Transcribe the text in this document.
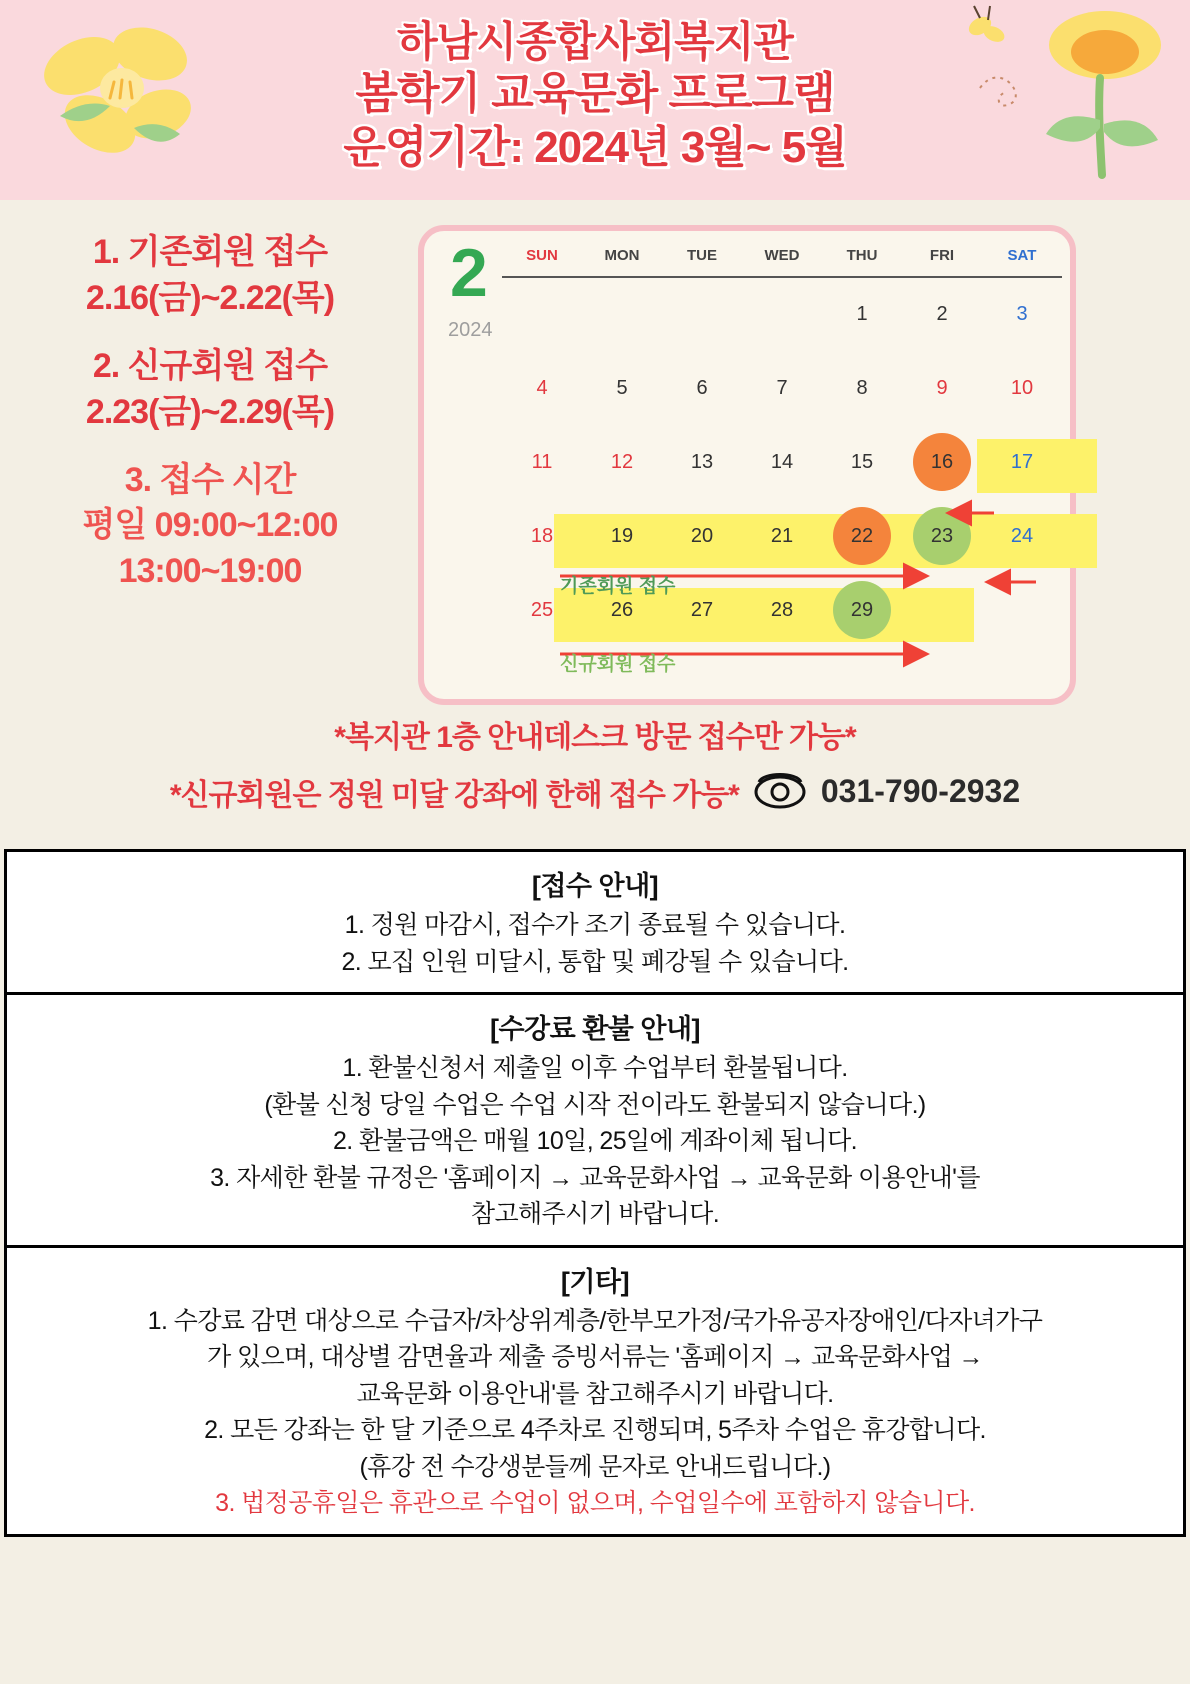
하남시종합사회복지관
봄학기 교육문화 프로그램
운영기간: 2024년 3월~ 5월
1. 기존회원 접수
2.16(금)~2.22(목)
2. 신규회원 접수
2.23(금)~2.29(목)
3. 접수 시간
평일 09:00~12:00
13:00~19:00
2
2024
SUN	MON	TUE	WED	THU	FRI	SAT
				1	2	3
4	5	6	7	8	9	10
11	12	13	14	15	16	17
18	19	20	21	22	23	24
25	26	27	28	29		
기존회원 접수
신규회원 접수
*복지관 1층 안내데스크 방문 접수만 가능*
*신규회원은 정원 미달 강좌에 한해 접수 가능*	031-790-2932
[접수 안내]

1. 정원 마감시, 접수가 조기 종료될 수 있습니다.

2. 모집 인원 미달시, 통합 및 폐강될 수 있습니다.

[수강료 환불 안내]

1. 환불신청서 제출일 이후 수업부터 환불됩니다.

(환불 신청 당일 수업은 수업 시작 전이라도 환불되지 않습니다.)

2. 환불금액은 매월 10일, 25일에 계좌이체 됩니다.

3. 자세한 환불 규정은 '홈페이지 → 교육문화사업 → 교육문화 이용안내'를

참고해주시기 바랍니다.

[기타]

1. 수강료 감면 대상으로 수급자/차상위계층/한부모가정/국가유공자장애인/다자녀가구

가 있으며, 대상별 감면율과 제출 증빙서류는 '홈페이지 → 교육문화사업 →

교육문화 이용안내'를 참고해주시기 바랍니다.

2. 모든 강좌는 한 달 기준으로 4주차로 진행되며, 5주차 수업은 휴강합니다.

(휴강 전 수강생분들께 문자로 안내드립니다.)

3. 법정공휴일은 휴관으로 수업이 없으며, 수업일수에 포함하지 않습니다.
